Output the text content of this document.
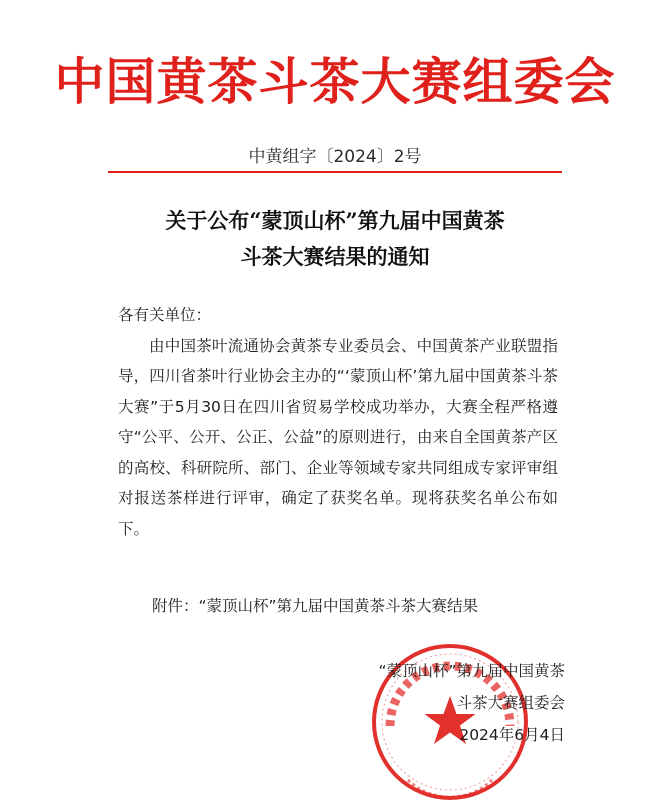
中国黄茶斗茶大赛组委会
中黄组字〔2024〕2号
关于公布“蒙顶山杯”第九届中国黄茶
斗茶大赛结果的通知

各有关单位：

由中国茶叶流通协会黄茶专业委员会、中国黄茶产业联盟指导，四川省茶叶行业协会主办的“‘蒙顶山杯’第九届中国黄茶斗茶大赛”于5月30日在四川省贸易学校成功举办，大赛全程严格遵守“公平、公开、公正、公益”的原则进行，由来自全国黄茶产区的高校、科研院所、部门、企业等领域专家共同组成专家评审组对报送茶样进行评审，确定了获奖名单。现将获奖名单公布如下。

附件：“蒙顶山杯”第九届中国黄茶斗茶大赛结果
“蒙顶山杯”第九届中国黄茶
斗茶大赛组委会
2024年6月4日
